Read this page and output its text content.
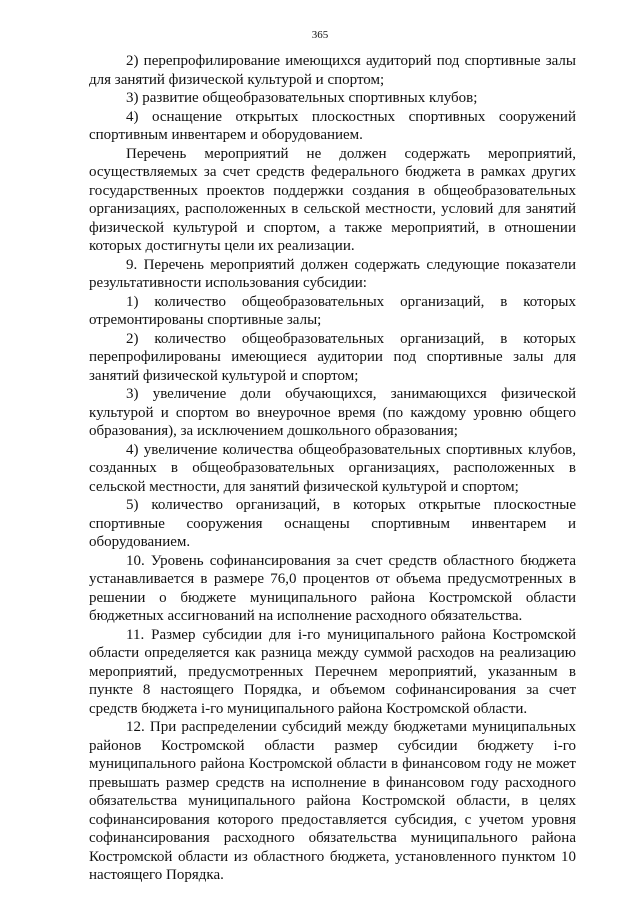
365

2) перепрофилирование имеющихся аудиторий под спортивные залы для занятий физической культурой и спортом;

3) развитие общеобразовательных спортивных клубов;

4) оснащение открытых плоскостных спортивных сооружений спортивным инвентарем и оборудованием.

Перечень мероприятий не должен содержать мероприятий, осуществляемых за счет средств федерального бюджета в рамках других государственных проектов поддержки создания в общеобразовательных организациях, расположенных в сельской местности, условий для занятий физической культурой и спортом, а также мероприятий, в отношении которых достигнуты цели их реализации.

9. Перечень мероприятий должен содержать следующие показатели результативности использования субсидии:

1) количество общеобразовательных организаций, в которых отремонтированы спортивные залы;

2) количество общеобразовательных организаций, в которых перепрофилированы имеющиеся аудитории под спортивные залы для занятий физической культурой и спортом;

3) увеличение доли обучающихся, занимающихся физической культурой и спортом во внеурочное время (по каждому уровню общего образования), за исключением дошкольного образования;

4) увеличение количества общеобразовательных спортивных клубов, созданных в общеобразовательных организациях, расположенных в сельской местности, для занятий физической культурой и спортом;

5) количество организаций, в которых открытые плоскостные спортивные сооружения оснащены спортивным инвентарем и оборудованием.

10. Уровень софинансирования за счет средств областного бюджета устанавливается в размере 76,0 процентов от объема предусмотренных в решении о бюджете муниципального района Костромской области бюджетных ассигнований на исполнение расходного обязательства.

11. Размер субсидии для i-го муниципального района Костромской области определяется как разница между суммой расходов на реализацию мероприятий, предусмотренных Перечнем мероприятий, указанным в пункте 8 настоящего Порядка, и объемом софинансирования за счет средств бюджета i-го муниципального района Костромской области.

12. При распределении субсидий между бюджетами муниципальных районов Костромской области размер субсидии бюджету i-го муниципального района Костромской области в финансовом году не может превышать размер средств на исполнение в финансовом году расходного обязательства муниципального района Костромской области, в целях софинансирования которого предоставляется субсидия, с учетом уровня софинансирования расходного обязательства муниципального района Костромской области из областного бюджета, установленного пунктом 10 настоящего Порядка.
